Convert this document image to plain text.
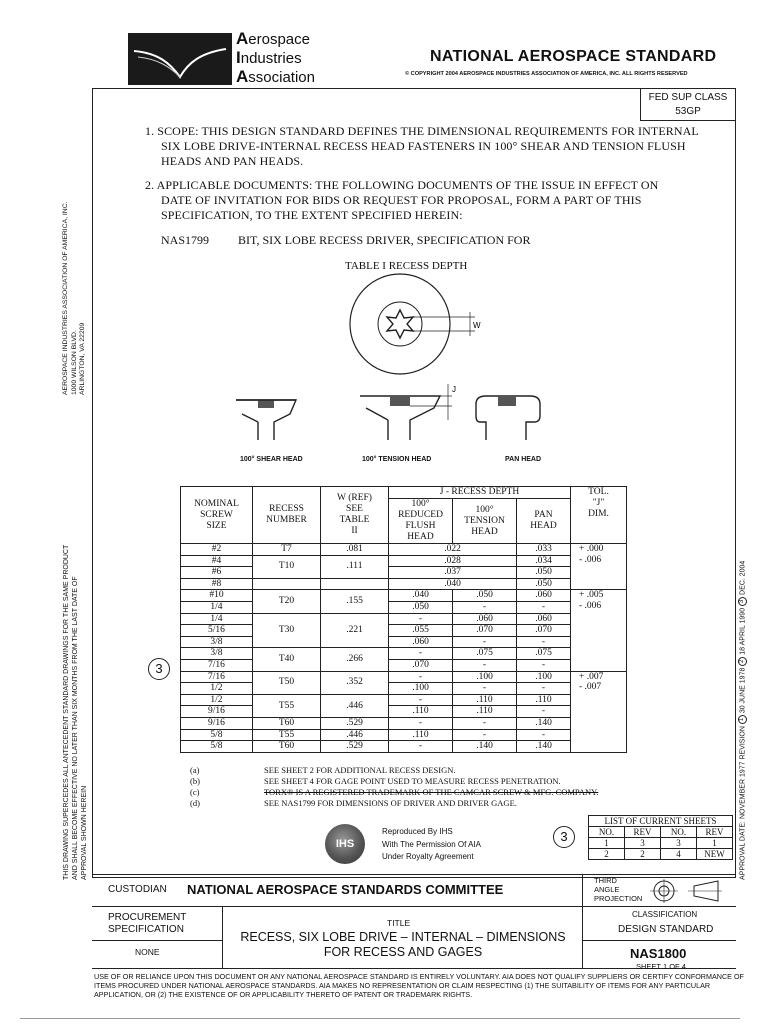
Aerospace
Industries
Association
NATIONAL AEROSPACE STANDARD
© COPYRIGHT 2004 AEROSPACE INDUSTRIES ASSOCIATION OF AMERICA, INC. ALL RIGHTS RESERVED
FED SUP CLASS
53GP
1. SCOPE: THIS DESIGN STANDARD DEFINES THE DIMENSIONAL REQUIREMENTS FOR INTERNAL
SIX LOBE DRIVE-INTERNAL RECESS HEAD FASTENERS IN 100° SHEAR AND TENSION FLUSH
HEADS AND PAN HEADS.
2. APPLICABLE DOCUMENTS: THE FOLLOWING DOCUMENTS OF THE ISSUE IN EFFECT ON
DATE OF INVITATION FOR BIDS OR REQUEST FOR PROPOSAL, FORM A PART OF THIS
SPECIFICATION, TO THE EXTENT SPECIFIED HEREIN:
NAS1799 BIT, SIX LOBE RECESS DRIVER, SPECIFICATION FOR
TABLE I RECESS DEPTH
W
J
100° SHEAR HEAD	100° TENSION HEAD	PAN HEAD
NOMINAL
SCREW
SIZE	RECESS
NUMBER	W (REF)
SEE
TABLE
II	J - RECESS DEPTH			TOL.
"J"
DIM.
			100°
REDUCED
FLUSH
HEAD	100°
TENSION
HEAD	PAN
HEAD	
#2	T7	.081	.022		.033	+ .000
- .006

#4	T10	.111	.028		.034	
#6			.037		.050	
#8			.040		.050	
#10	T20	.155	.040	.050	.060	+ .005
- .006

1/4			.050	-	-	
1/4	T30	.221	-	.060	.060	
5/16			.055	.070	.070	
3/8			.060	-	-	
3/8	T40	.266	-	.075	.075	
7/16			.070	-	-	
7/16	T50	.352	-	.100	.100	+ .007
- .007

1/2			.100	-	-	
1/2	T55	.446	-	.110	.110	
9/16			.110	.110	-	
9/16	T60	.529	-	-	.140	
5/8	T55	.446	.110	-	-	
5/8	T60	.529	-	.140	.140	
3
(a)	SEE SHEET 2 FOR ADDITIONAL RECESS DESIGN.
(b)	SEE SHEET 4 FOR GAGE POINT USED TO MEASURE RECESS PENETRATION.
(c)	TORX® IS A REGISTERED TRADEMARK OF THE CAMCAR SCREW & MFG. COMPANY.
(d)	SEE NAS1799 FOR DIMENSIONS OF DRIVER AND DRIVER GAGE.
IHS
Reproduced By IHS
With The Permission Of AIA
Under Royalty Agreement
3
LIST OF CURRENT SHEETS			
NO.	REV	NO.	REV
1	3	3	1
2	2	4	NEW
CUSTODIAN NATIONAL AEROSPACE STANDARDS COMMITTEE
THIRD
ANGLE
PROJECTION
PROCUREMENT
SPECIFICATION
NONE
TITLE
RECESS, SIX LOBE DRIVE – INTERNAL – DIMENSIONS
FOR RECESS AND GAGES
CLASSIFICATION
DESIGN STANDARD
NAS1800
SHEET 1 OF 4
USE OF OR RELIANCE UPON THIS DOCUMENT OR ANY NATIONAL AEROSPACE STANDARD IS ENTIRELY VOLUNTARY. AIA DOES NOT QUALIFY SUPPLIERS OR CERTIFY CONFORMANCE OF ITEMS PROCURED UNDER NATIONAL AEROSPACE STANDARDS. AIA MAKES NO REPRESENTATION OR CLAIM RESPECTING (1) THE SUITABILITY OF ITEMS FOR ANY PARTICULAR APPLICATION, OR (2) THE EXISTENCE OF OR APPLICABILITY THERETO OF PATENT OR TRADEMARK RIGHTS.
AEROSPACE INDUSTRIES ASSOCIATION OF AMERICA, INC. 1000 WILSON BLVD. ARLINGTON, VA 22209
THIS DRAWING SUPERCEDES ALL ANTECEDENT STANDARD DRAWINGS FOR THE SAME PRODUCT AND SHALL BECOME EFFECTIVE NO LATER THAN SIX MONTHS FROM THE LAST DATE OF APPROVAL SHOWN HEREIN	APPROVAL DATE: NOVEMBER 1977 REVISION 1 30 JUNE 1978 2 18 APRIL 1990 3 DEC. 2004
